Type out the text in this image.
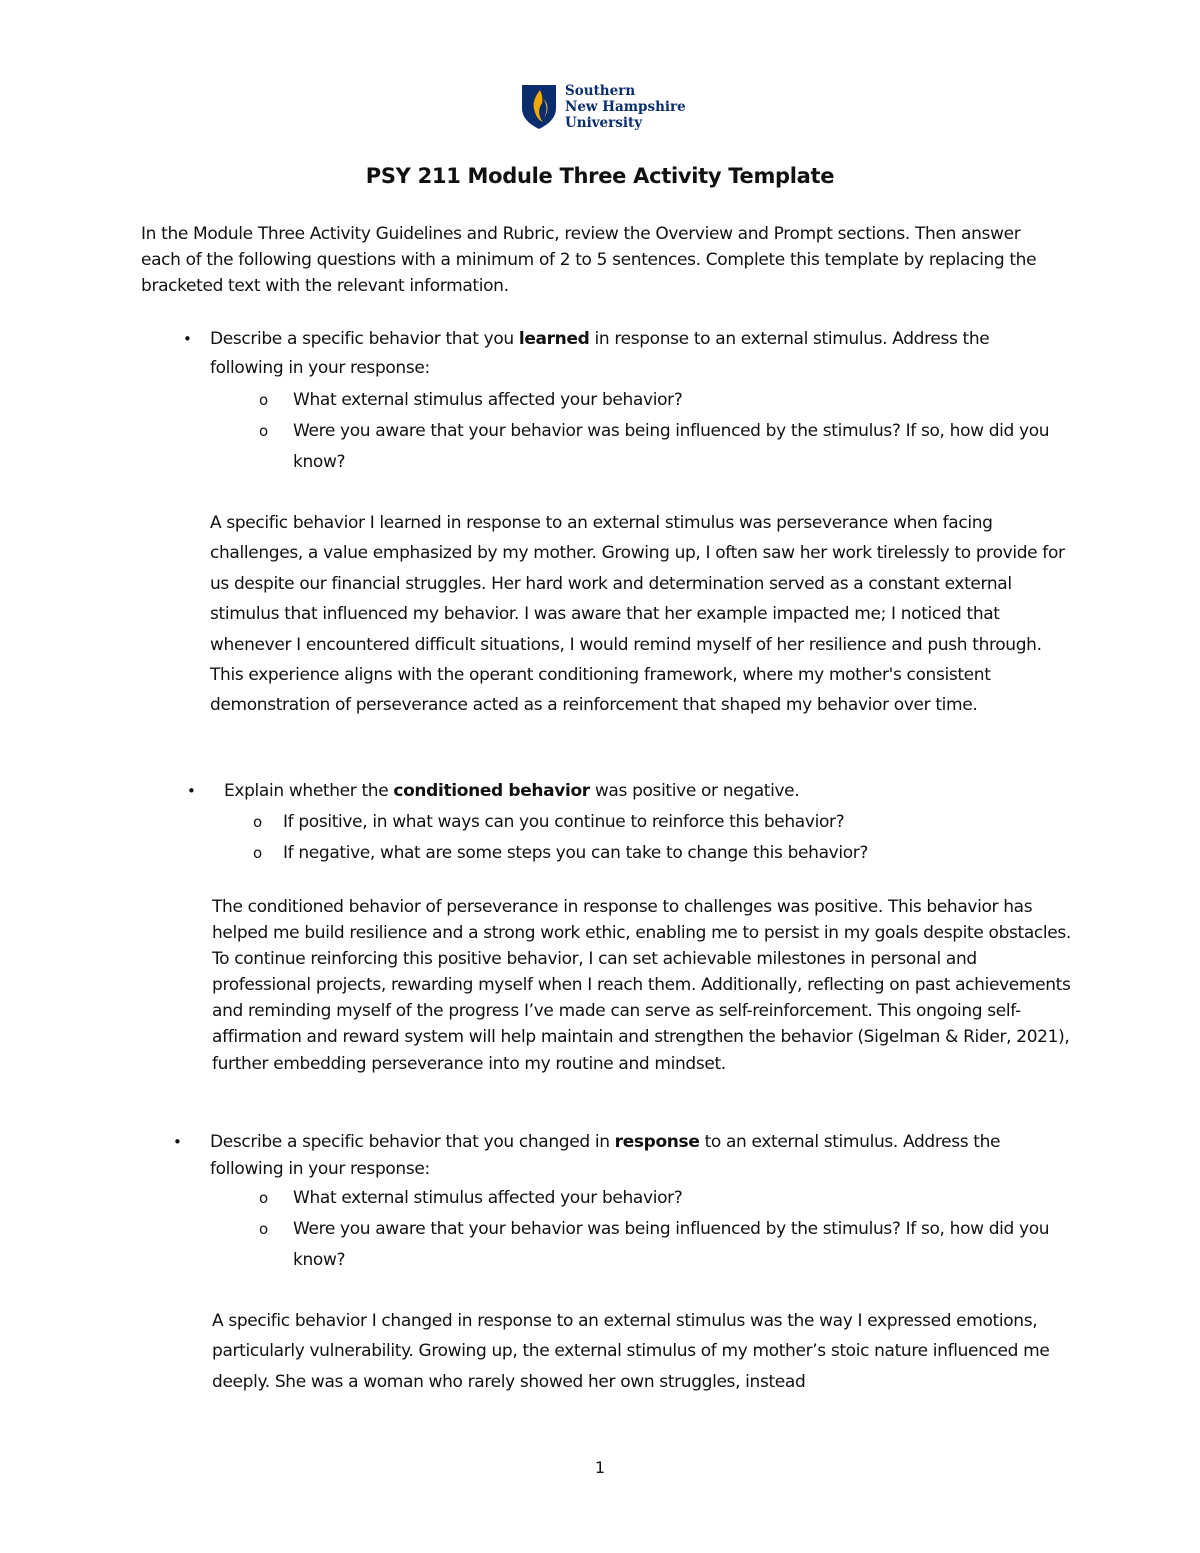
Southern
New Hampshire
University
PSY 211 Module Three Activity Template
In the Module Three Activity Guidelines and Rubric, review the Overview and Prompt sections. Then answer each of the following questions with a minimum of 2 to 5 sentences. Complete this template by replacing the bracketed text with the relevant information.
• Describe a specific behavior that you learned in response to an external stimulus. Address the following in your response:
o What external stimulus affected your behavior?
o Were you aware that your behavior was being influenced by the stimulus? If so, how did you know?
A specific behavior I learned in response to an external stimulus was perseverance when facing challenges, a value emphasized by my mother. Growing up, I often saw her work tirelessly to provide for us despite our financial struggles. Her hard work and determination served as a constant external stimulus that influenced my behavior. I was aware that her example impacted me; I noticed that whenever I encountered difficult situations, I would remind myself of her resilience and push through. This experience aligns with the operant conditioning framework, where my mother's consistent demonstration of perseverance acted as a reinforcement that shaped my behavior over time.
• Explain whether the conditioned behavior was positive or negative.
o If positive, in what ways can you continue to reinforce this behavior?
o If negative, what are some steps you can take to change this behavior?
The conditioned behavior of perseverance in response to challenges was positive. This behavior has helped me build resilience and a strong work ethic, enabling me to persist in my goals despite obstacles. To continue reinforcing this positive behavior, I can set achievable milestones in personal and professional projects, rewarding myself when I reach them. Additionally, reflecting on past achievements and reminding myself of the progress I’ve made can serve as self-reinforcement. This ongoing self-affirmation and reward system will help maintain and strengthen the behavior (Sigelman & Rider, 2021), further embedding perseverance into my routine and mindset.
• Describe a specific behavior that you changed in response to an external stimulus. Address the following in your response:
o What external stimulus affected your behavior?
o Were you aware that your behavior was being influenced by the stimulus? If so, how did you know?
A specific behavior I changed in response to an external stimulus was the way I expressed emotions, particularly vulnerability. Growing up, the external stimulus of my mother’s stoic nature influenced me deeply. She was a woman who rarely showed her own struggles, instead
1
